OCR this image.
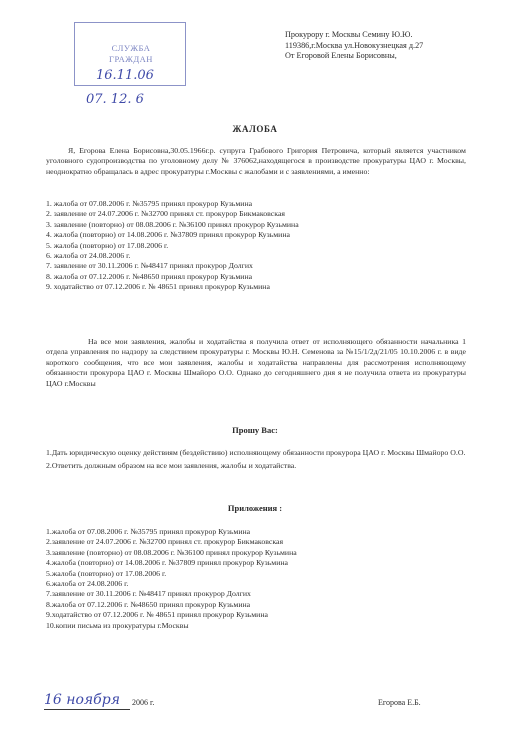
СЛУЖБА
ГРАЖДАН
16.11.06
07. 12. 6
Прокурору г. Москвы Семину Ю.Ю.
119386,г.Москва ул.Новокузнецкая д.27
От Егоровой Елены Борисовны,
ЖАЛОБА

Я, Егорова Елена Борисовна,30.05.1966г.р. супруга Грабового Григория Петровича, который является участником уголовного судопроизводства по уголовному делу № 376062,находящегося в производстве прокуратуры ЦАО г. Москвы, неоднократно обращалась в адрес прокуратуры г.Москвы с жалобами и с заявлениями, а именно:

1. жалоба от 07.08.2006 г. №35795 принял прокурор Кузьмина
2. заявление от 24.07.2006 г. №32700 принял ст. прокурор Бикмаковская
3. заявление (повторно) от 08.08.2006 г. №36100 принял прокурор Кузьмина
4. жалоба (повторно) от 14.08.2006 г. №37809 принял прокурор Кузьмина
5. жалоба (повторно) от 17.08.2006 г.
6. жалоба от 24.08.2006 г.
7. заявление от 30.11.2006 г. №48417 принял прокурор Долгих
8. жалоба от 07.12.2006 г. №48650 принял прокурор Кузьмина
9. ходатайство от 07.12.2006 г. № 48651 принял прокурор Кузьмина

На все мои заявления, жалобы и ходатайства я получила ответ от исполняющего обязанности начальника 1 отдела управления по надзору за следствием прокуратуры г. Москвы Ю.Н. Семенова за №15/1/2д/21/05 10.10.2006 г. в виде короткого сообщения, что все мои заявления, жалобы и ходатайства направлены для рассмотрения исполняющему обязанности прокурора ЦАО г. Москвы Шмайоро О.О. Однако до сегодняшнего дня я не получила ответа из прокуратуры ЦАО г.Москвы

Прошу Вас:

1.Дать юридическую оценку действиям (бездействию) исполняющему обязанности прокурора ЦАО г. Москвы Шмайоро О.О.

2.Ответить должным образом на все мои заявления, жалобы и ходатайства.

Приложения :
1.жалоба от 07.08.2006 г. №35795 принял прокурор Кузьмина
2.заявление от 24.07.2006 г. №32700 принял ст. прокурор Бикмаковская
3.заявление (повторно) от 08.08.2006 г. №36100 принял прокурор Кузьмина
4.жалоба (повторно) от 14.08.2006 г. №37809 принял прокурор Кузьмина
5.жалоба (повторно) от 17.08.2006 г.
6.жалоба от 24.08.2006 г.
7.заявление от 30.11.2006 г. №48417 принял прокурор Долгих
8.жалоба от 07.12.2006 г. №48650 принял прокурор Кузьмина
9.ходатайство от 07.12.2006 г. № 48651 принял прокурор Кузьмина
10.копии письма из прокуратуры г.Москвы
16 ноября 2006 г.	Егорова Е.Б.
